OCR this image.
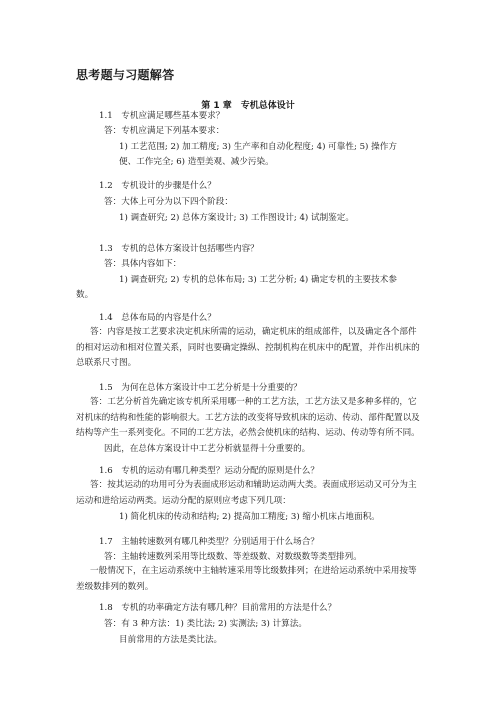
思考题与习题解答
第 1 章　专机总体设计
1.1　专机应满足哪些基本要求？
答：专机应满足下列基本要求：
1) 工艺范围; 2) 加工精度; 3) 生产率和自动化程度; 4) 可靠性; 5) 操作方
便、工作完全; 6) 造型美观、减少污染。
1.2　专机设计的步骤是什么？
答：大体上可分为以下四个阶段：
1) 调查研究; 2) 总体方案设计; 3) 工作图设计; 4) 试制鉴定。
1.3　专机的总体方案设计包括哪些内容？
答：具体内容如下：
1) 调查研究; 2) 专机的总体布局; 3) 工艺分析; 4) 确定专机的主要技术参
数。
1.4　总体布局的内容是什么？
答：内容是按工艺要求决定机床所需的运动，确定机床的组成部件，以及确定各个部件的相对运动和相对位置关系，同时也要确定操纵、控制机构在机床中的配置，并作出机床的总联系尺寸图。
1.5　为何在总体方案设计中工艺分析是十分重要的？
答：工艺分析首先确定该专机所采用哪一种的工艺方法，工艺方法又是多种多样的，它对机床的结构和性能的影响很大。工艺方法的改变将导致机床的运动、传动、部件配置以及结构等产生一系列变化。不同的工艺方法，必然会使机床的结构、运动、传动等有所不同。
因此，在总体方案设计中工艺分析就显得十分重要的。
1.6　专机的运动有哪几种类型？运动分配的原则是什么？
答：按其运动的功用可分为表面成形运动和辅助运动两大类。表面成形运动又可分为主运动和进给运动两类。运动分配的原则应考虑下列几项：
1) 简化机床的传动和结构; 2) 提高加工精度; 3) 缩小机床占地面积。
1.7　主轴转速数列有哪几种类型？分别适用于什么场合？
答：主轴转速数列采用等比级数、等差级数、对数级数等类型排列。
一般情况下，在主运动系统中主轴转速采用等比级数排列；在进给运动系统中采用按等差级数排列的数列。
1.8　专机的功率确定方法有哪几种？目前常用的方法是什么？
答：有 3 种方法：1) 类比法; 2) 实测法; 3) 计算法。
目前常用的方法是类比法。
